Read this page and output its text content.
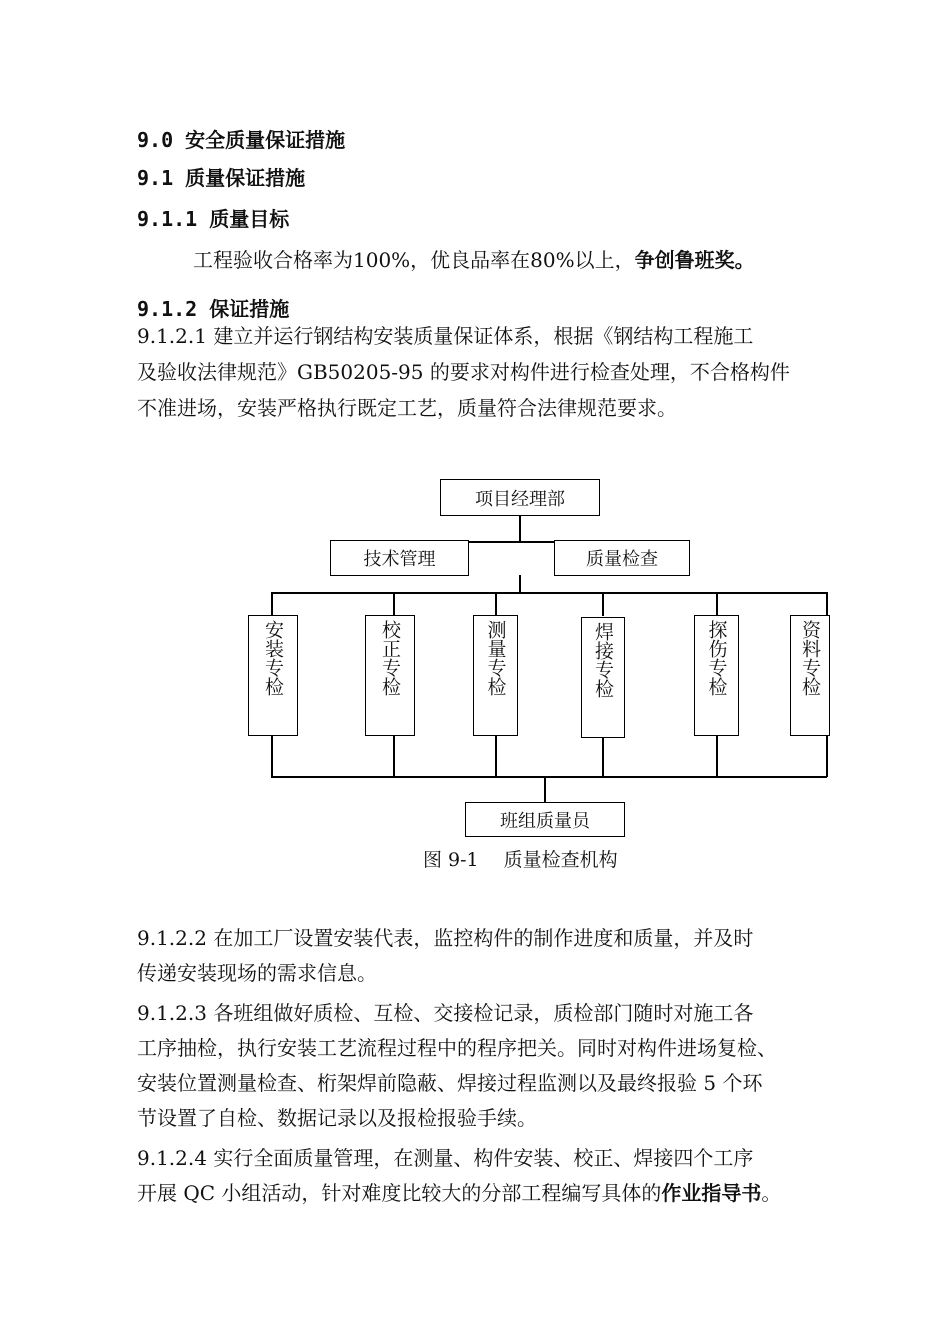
9.0 安全质量保证措施
9.1 质量保证措施
9.1.1 质量目标
工程验收合格率为100%，优良品率在80%以上，争创鲁班奖。
9.1.2 保证措施
9.1.2.1 建立并运行钢结构安装质量保证体系，根据《钢结构工程施工
及验收法律规范》GB50205-95 的要求对构件进行检查处理，不合格构件
不准进场，安装严格执行既定工艺，质量符合法律规范要求。
项目经理部
技术管理	质量检查
安装专检	校正专检	测量专检	焊接专检	探伤专检	资料专检
班组质量员
图 9-1　 质量检查机构
9.1.2.2 在加工厂设置安装代表，监控构件的制作进度和质量，并及时
传递安装现场的需求信息。
9.1.2.3 各班组做好质检、互检、交接检记录，质检部门随时对施工各
工序抽检，执行安装工艺流程过程中的程序把关。同时对构件进场复检、
安装位置测量检查、桁架焊前隐蔽、焊接过程监测以及最终报验 5 个环
节设置了自检、数据记录以及报检报验手续。
9.1.2.4 实行全面质量管理，在测量、构件安装、校正、焊接四个工序
开展 QC 小组活动，针对难度比较大的分部工程编写具体的作业指导书。
